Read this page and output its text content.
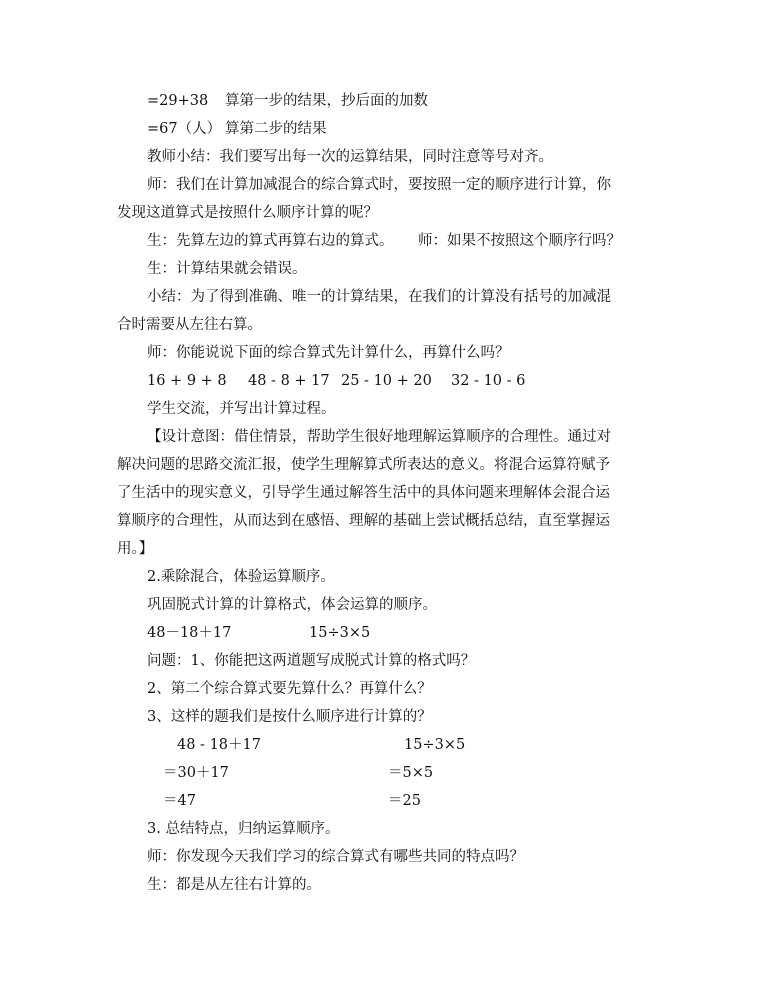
=29+38 算第一步的结果，抄后面的加数
=67（人） 算第二步的结果
教师小结：我们要写出每一次的运算结果，同时注意等号对齐。
师：我们在计算加减混合的综合算式时，要按照一定的顺序进行计算，你
发现这道算式是按照什么顺序计算的呢？
生：先算左边的算式再算右边的算式。 师：如果不按照这个顺序行吗？
生：计算结果就会错误。
小结：为了得到准确、唯一的计算结果，在我们的计算没有括号的加减混
合时需要从左往右算。
师：你能说说下面的综合算式先计算什么，再算什么吗？
16 + 9 + 8 48 - 8 + 17 25 - 10 + 20 32 - 10 - 6
学生交流，并写出计算过程。
【设计意图：借住情景，帮助学生很好地理解运算顺序的合理性。通过对
解决问题的思路交流汇报，使学生理解算式所表达的意义。将混合运算符赋予
了生活中的现实意义，引导学生通过解答生活中的具体问题来理解体会混合运
算顺序的合理性，从而达到在感悟、理解的基础上尝试概括总结，直至掌握运
用。】
2.乘除混合，体验运算顺序。
巩固脱式计算的计算格式，体会运算的顺序。
48－18＋17	15÷3×5
问题：1、你能把这两道题写成脱式计算的格式吗？
2、第二个综合算式要先算什么？再算什么？
3、这样的题我们是按什么顺序进行计算的？
48 - 18＋17	15÷3×5
＝30＋17	＝5×5
＝47	＝25
3. 总结特点，归纳运算顺序。
师：你发现今天我们学习的综合算式有哪些共同的特点吗？
生：都是从左往右计算的。
